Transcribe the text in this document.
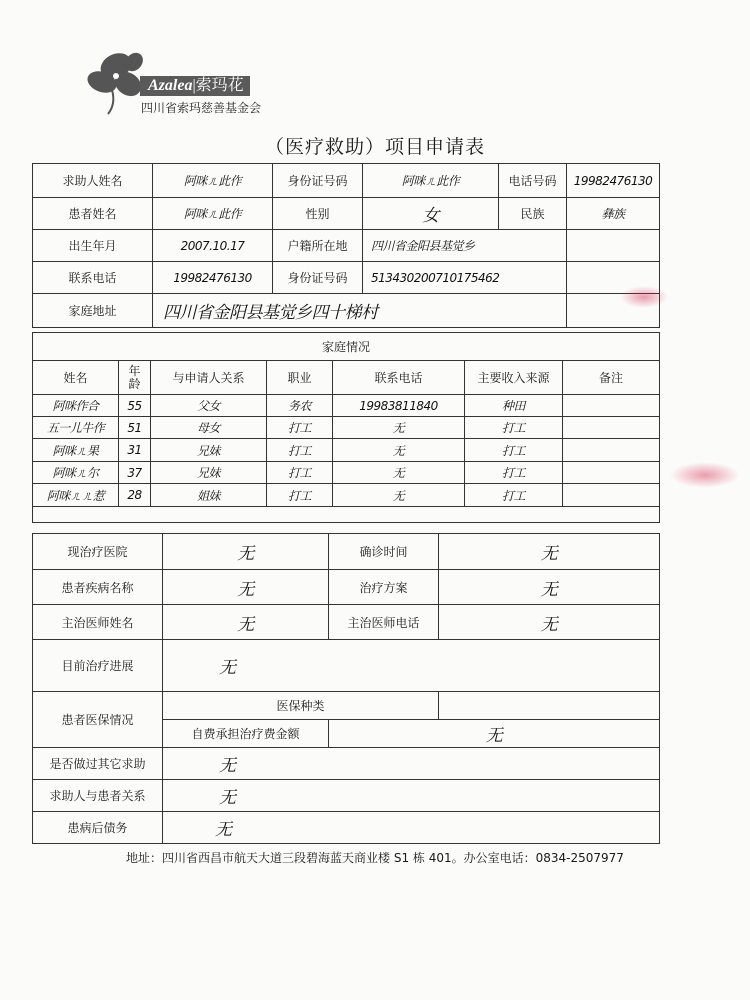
Azalea|索玛花
四川省索玛慈善基金会
（医疗救助）项目申请表
求助人姓名	阿咪ㄦ此作	身份证号码	阿咪ㄦ此作	电话号码	19982476130
患者姓名	阿咪ㄦ此作	性别	女	民族	彝族
出生年月	2007.10.17	户籍所在地	四川省金阳县基觉乡		
联系电话	19982476130	身份证号码	513430200710175462		
家庭地址	四川省金阳县基觉乡四十梯村				
家庭情况						
姓名	年龄	与申请人关系	职业	联系电话	主要收入来源	备注
阿咪作合	55	父女	务农	19983811840	种田	
五一儿牛作	51	母女	打工	无	打工	
阿咪ㄦ果	31	兄妹	打工	无	打工	
阿咪ㄦ尔	37	兄妹	打工	无	打工	
阿咪ㄦㄦ惹	28	姐妹	打工	无	打工	

现治疗医院	无	确诊时间	无
患者疾病名称	无	治疗方案	无
主治医师姓名	无	主治医师电话	无
目前治疗进展	无		
患者医保情况	医保种类		
	自费承担治疗费金额	无	
是否做过其它求助	无		
求助人与患者关系	无		
患病后债务	无		
地址：四川省西昌市航天大道三段碧海蓝天商业楼 S1 栋 401。办公室电话：0834-2507977
